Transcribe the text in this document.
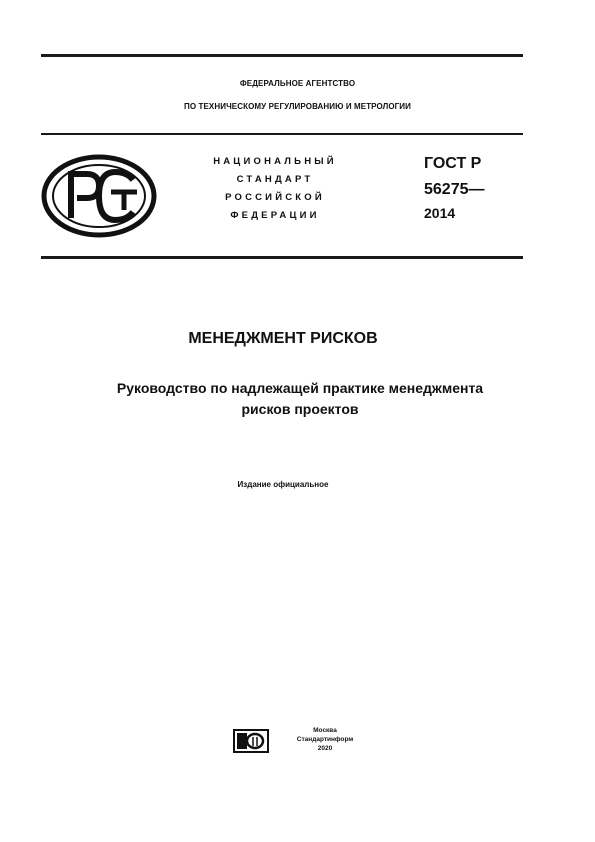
ФЕДЕРАЛЬНОЕ АГЕНТСТВО
ПО ТЕХНИЧЕСКОМУ РЕГУЛИРОВАНИЮ И МЕТРОЛОГИИ
НАЦИОНАЛЬНЫЙ
СТАНДАРТ
РОССИЙСКОЙ
ФЕДЕРАЦИИ
ГОСТ Р
56275—
2014
МЕНЕДЖМЕНТ РИСКОВ
Руководство по надлежащей практике менеджмента
рисков проектов
Издание официальное
Москва
Стандартинформ
2020
